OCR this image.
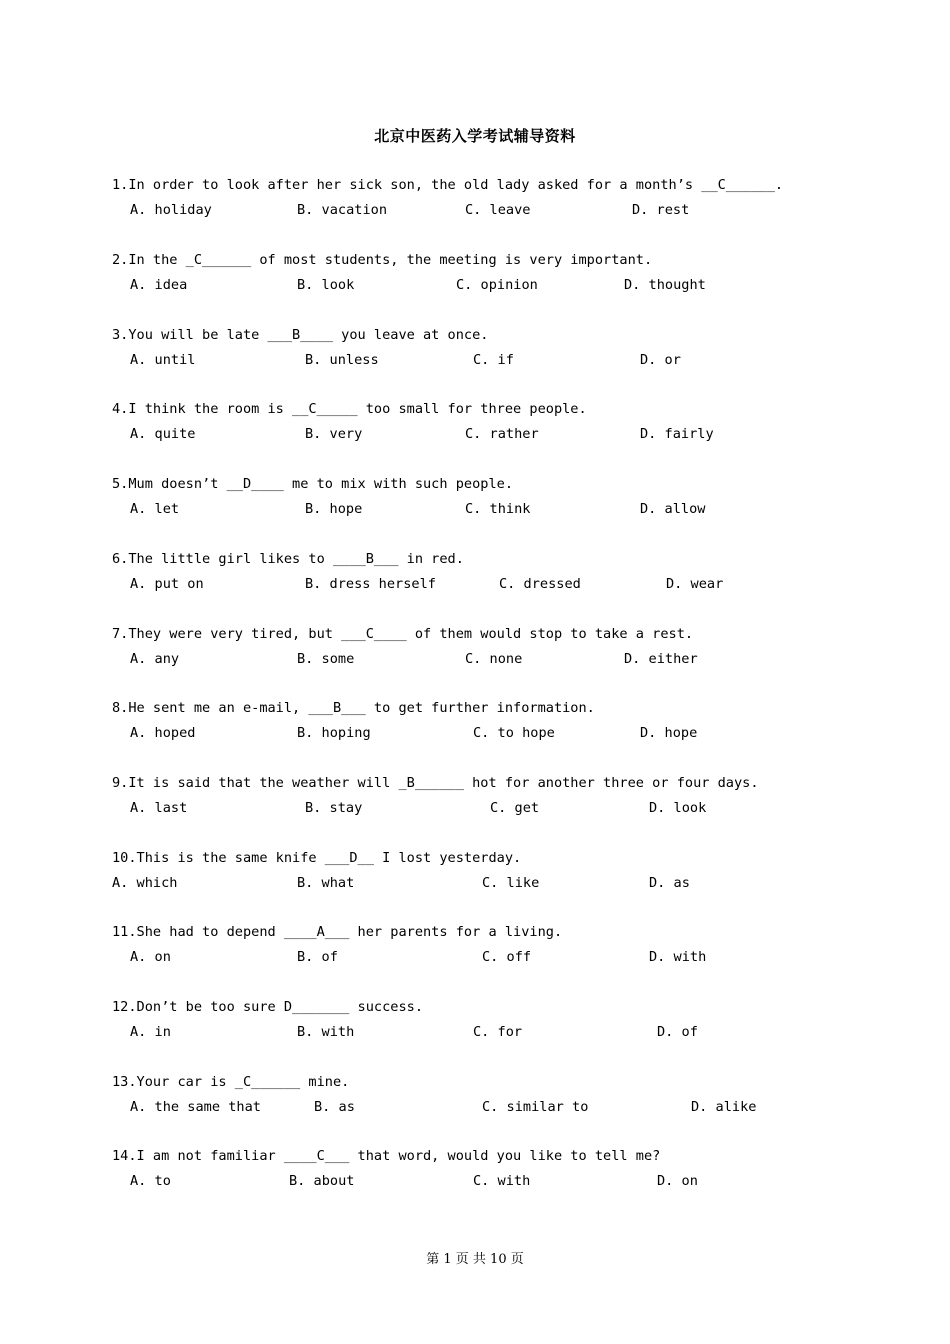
北京中医药入学考试辅导资料
1.In order to look after her sick son, the old lady asked for a month’s __C______.
A. holiday	B. vacation	C. leave	D. rest
2.In the _C______ of most students, the meeting is very important.
A. idea	B. look	C. opinion	D. thought
3.You will be late ___B____ you leave at once.
A. until	B. unless	C. if	D. or
4.I think the room is __C_____ too small for three people.
A. quite	B. very	C. rather	D. fairly
5.Mum doesn’t __D____ me to mix with such people.
A. let	B. hope	C. think	D. allow
6.The little girl likes to ____B___ in red.
A. put on	B. dress herself	C. dressed	D. wear
7.They were very tired, but ___C____ of them would stop to take a rest.
A. any	B. some	C. none	D. either
8.He sent me an e-mail, ___B___ to get further information.
A. hoped	B. hoping	C. to hope	D. hope
9.It is said that the weather will _B______ hot for another three or four days.
A. last	B. stay	C. get	D. look
10.This is the same knife ___D__ I lost yesterday.
A. which	B. what	C. like	D. as
11.She had to depend ____A___ her parents for a living.
A. on	B. of	C. off	D. with
12.Don’t be too sure D_______ success.
A. in	B. with	C. for	D. of
13.Your car is _C______ mine.
A. the same that	B. as	C. similar to	D. alike
14.I am not familiar ____C___ that word, would you like to tell me?
A. to	B. about	C. with	D. on
第 1 页 共 10 页
